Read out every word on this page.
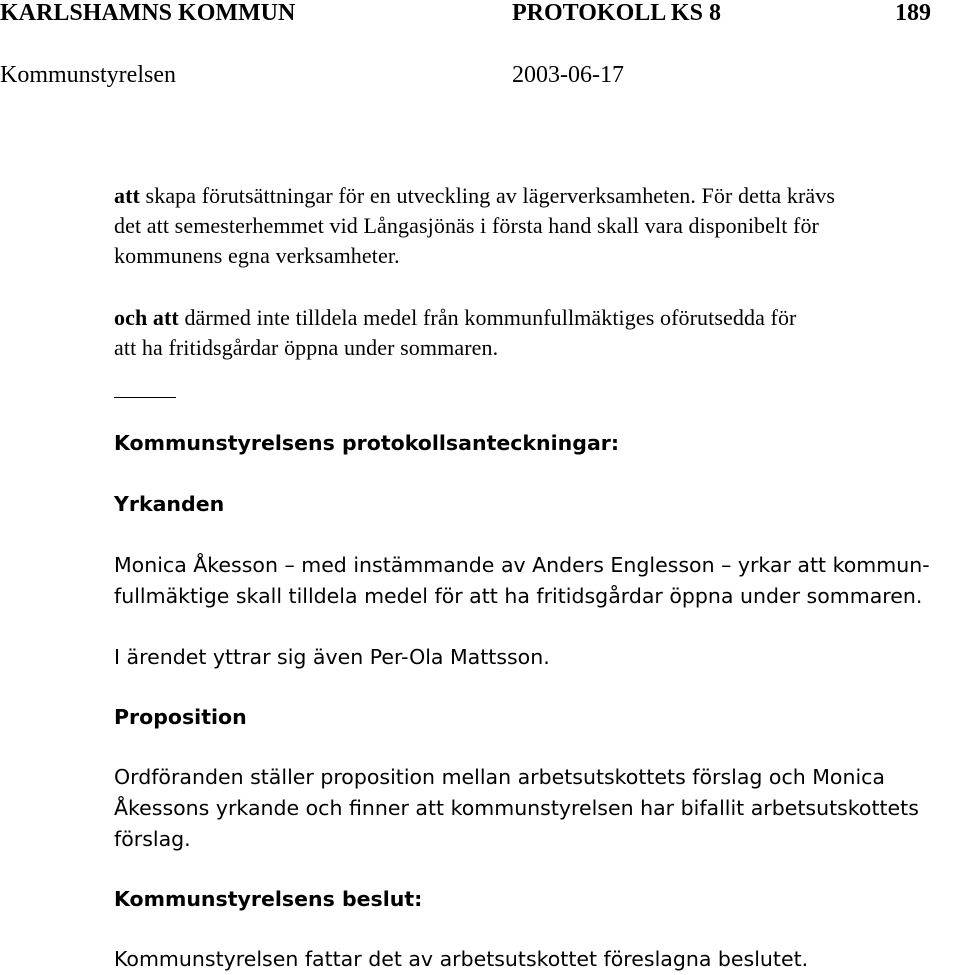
KARLSHAMNS KOMMUN	PROTOKOLL KS 8	189
Kommunstyrelsen	2003-06-17
att skapa förutsättningar för en utveckling av lägerverksamheten. För detta krävs
det att semesterhemmet vid Långasjönäs i första hand skall vara disponibelt för
kommunens egna verksamheter.
och att därmed inte tilldela medel från kommunfullmäktiges oförutsedda för
att ha fritidsgårdar öppna under sommaren.
Kommunstyrelsens protokollsanteckningar:
Yrkanden
Monica Åkesson – med instämmande av Anders Englesson – yrkar att kommun-
fullmäktige skall tilldela medel för att ha fritidsgårdar öppna under sommaren.
I ärendet yttrar sig även Per-Ola Mattsson.
Proposition
Ordföranden ställer proposition mellan arbetsutskottets förslag och Monica
Åkessons yrkande och finner att kommunstyrelsen har bifallit arbetsutskottets
förslag.
Kommunstyrelsens beslut:
Kommunstyrelsen fattar det av arbetsutskottet föreslagna beslutet.
